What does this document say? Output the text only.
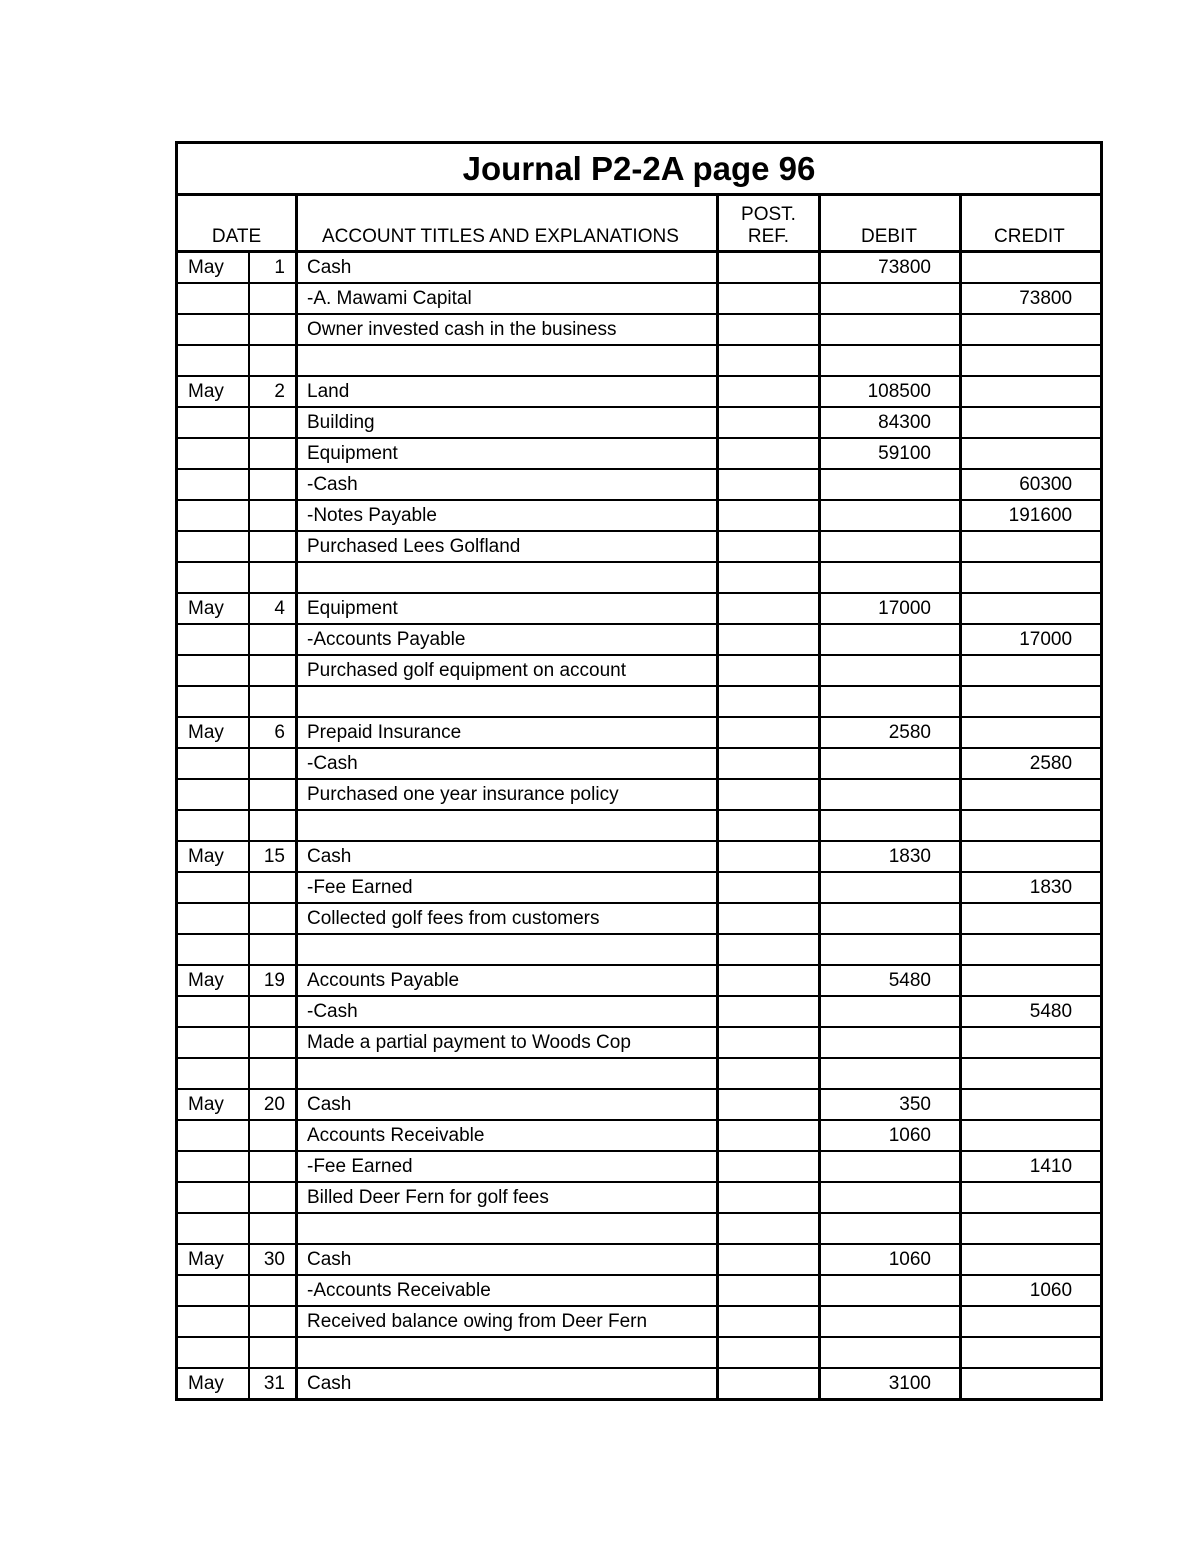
Journal P2-2A page 96					
DATE		ACCOUNT TITLES AND EXPLANATIONS	POST.
REF.	DEBIT	CREDIT
May	1	Cash		73800	
		-A. Mawami Capital			73800
		Owner invested cash in the business			

May	2	Land		108500	
		Building		84300	
		Equipment		59100	
		-Cash			60300
		-Notes Payable			191600
		Purchased Lees Golfland			

May	4	Equipment		17000	
		-Accounts Payable			17000
		Purchased golf equipment on account			

May	6	Prepaid Insurance		2580	
		-Cash			2580
		Purchased one year insurance policy			

May	15	Cash		1830	
		-Fee Earned			1830
		Collected golf fees from customers			

May	19	Accounts Payable		5480	
		-Cash			5480
		Made a partial payment to Woods Cop			

May	20	Cash		350	
		Accounts Receivable		1060	
		-Fee Earned			1410
		Billed Deer Fern for golf fees			

May	30	Cash		1060	
		-Accounts Receivable			1060
		Received balance owing from Deer Fern			

May	31	Cash		3100	
